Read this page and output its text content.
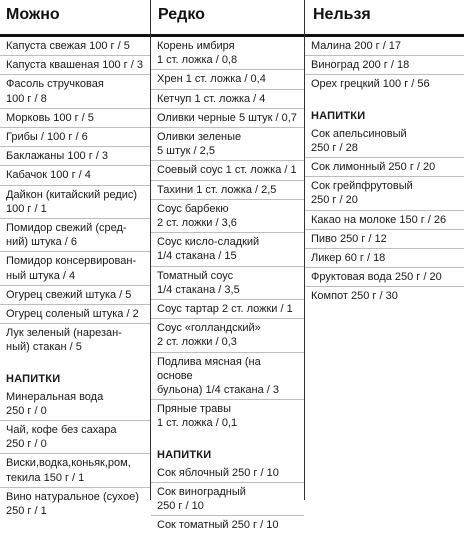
Можно	Редко	Нельзя
Капуста свежая 100 г / 5
Капуста квашеная 100 г / 3
Фасоль стручковая
100 г / 8
Морковь 100 г / 5
Грибы / 100 г / 6
Баклажаны 100 г / 3
Кабачок 100 г / 4
Дайкон (китайский редис)
100 г / 1
Помидор свежий (сред-
ний) штука / 6
Помидор консервирован-
ный штука / 4
Огурец свежий штука / 5
Огурец соленый штука / 2
Лук зеленый (нарезан-
ный) стакан / 5
НАПИТКИ
Минеральная вода
250 г / 0
Чай, кофе без сахара
250 г / 0
Виски,водка,коньяк,ром,
текила 150 г / 1
Вино натуральное (сухое)
250 г / 1
Корень имбиря
1 ст. ложка / 0,8
Хрен 1 ст. ложка / 0,4
Кетчуп 1 ст. ложка / 4
Оливки черные 5 штук / 0,7
Оливки зеленые
5 штук / 2,5
Соевый соус 1 ст. ложка / 1
Тахини 1 ст. ложка / 2,5
Соус барбекю
2 ст. ложки / 3,6
Соус кисло-сладкий
1/4 стакана / 15
Томатный соус
1/4 стакана / 3,5
Соус тартар 2 ст. ложки / 1
Соус «голландский»
2 ст. ложки / 0,3
Подлива мясная (на основе
бульона) 1/4 стакана / 3
Пряные травы
1 ст. ложка / 0,1
НАПИТКИ
Сок яблочный 250 г / 10
Сок виноградный
250 г / 10
Сок томатный 250 г / 10
Малина 200 г / 17
Виноград 200 г / 18
Орех грецкий 100 г / 56
НАПИТКИ
Сок апельсиновый
250 г / 28
Сок лимонный 250 г / 20
Сок грейпфрутовый
250 г / 20
Какао на молоке 150 г / 26
Пиво 250 г / 12
Ликер 60 г / 18
Фруктовая вода 250 г / 20
Компот 250 г / 30
